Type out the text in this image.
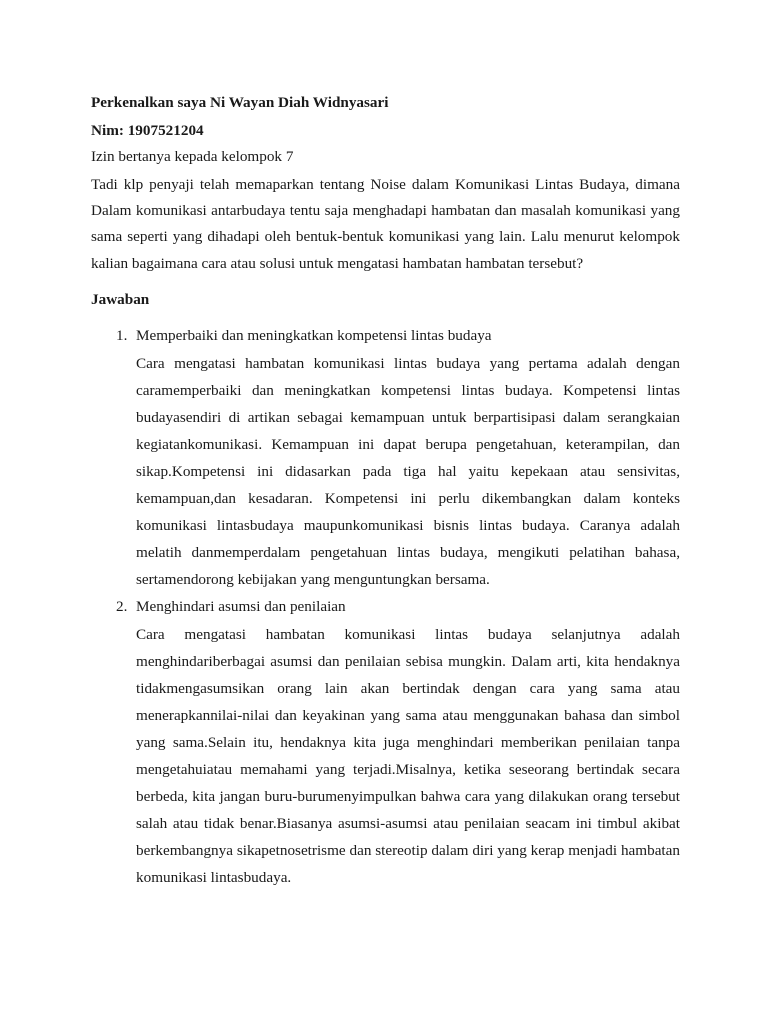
Perkenalkan saya Ni Wayan Diah Widnyasari
Nim: 1907521204
Izin bertanya kepada kelompok 7
Tadi klp penyaji telah memaparkan tentang Noise dalam Komunikasi Lintas Budaya, dimana
Dalam komunikasi antarbudaya tentu saja menghadapi hambatan dan masalah komunikasi yang
sama seperti yang dihadapi oleh bentuk-bentuk komunikasi yang lain. Lalu menurut kelompok
kalian bagaimana cara atau solusi untuk mengatasi hambatan hambatan tersebut?
Jawaban
1. Memperbaiki dan meningkatkan kompetensi lintas budaya
Cara mengatasi hambatan komunikasi lintas budaya yang pertama adalah dengan
caramemperbaiki dan meningkatkan kompetensi lintas budaya. Kompetensi lintas
budayasendiri di artikan sebagai kemampuan untuk berpartisipasi dalam serangkaian
kegiatankomunikasi. Kemampuan ini dapat berupa pengetahuan, keterampilan, dan
sikap.Kompetensi ini didasarkan pada tiga hal yaitu kepekaan atau sensivitas,
kemampuan,dan kesadaran. Kompetensi ini perlu dikembangkan dalam konteks
komunikasi lintasbudaya maupunkomunikasi bisnis lintas budaya. Caranya adalah
melatih danmemperdalam pengetahuan lintas budaya, mengikuti pelatihan bahasa,
sertamendorong kebijakan yang menguntungkan bersama.
2. Menghindari asumsi dan penilaian
Cara mengatasi hambatan komunikasi lintas budaya selanjutnya adalah
menghindariberbagai asumsi dan penilaian sebisa mungkin. Dalam arti, kita hendaknya
tidakmengasumsikan orang lain akan bertindak dengan cara yang sama atau
menerapkannilai-nilai dan keyakinan yang sama atau menggunakan bahasa dan simbol
yang sama.Selain itu, hendaknya kita juga menghindari memberikan penilaian tanpa
mengetahuiatau memahami yang terjadi.Misalnya, ketika seseorang bertindak secara
berbeda, kita jangan buru-burumenyimpulkan bahwa cara yang dilakukan orang tersebut
salah atau tidak benar.Biasanya asumsi-asumsi atau penilaian seacam ini timbul akibat
berkembangnya sikapetnosetrisme dan stereotip dalam diri yang kerap menjadi hambatan
komunikasi lintasbudaya.
